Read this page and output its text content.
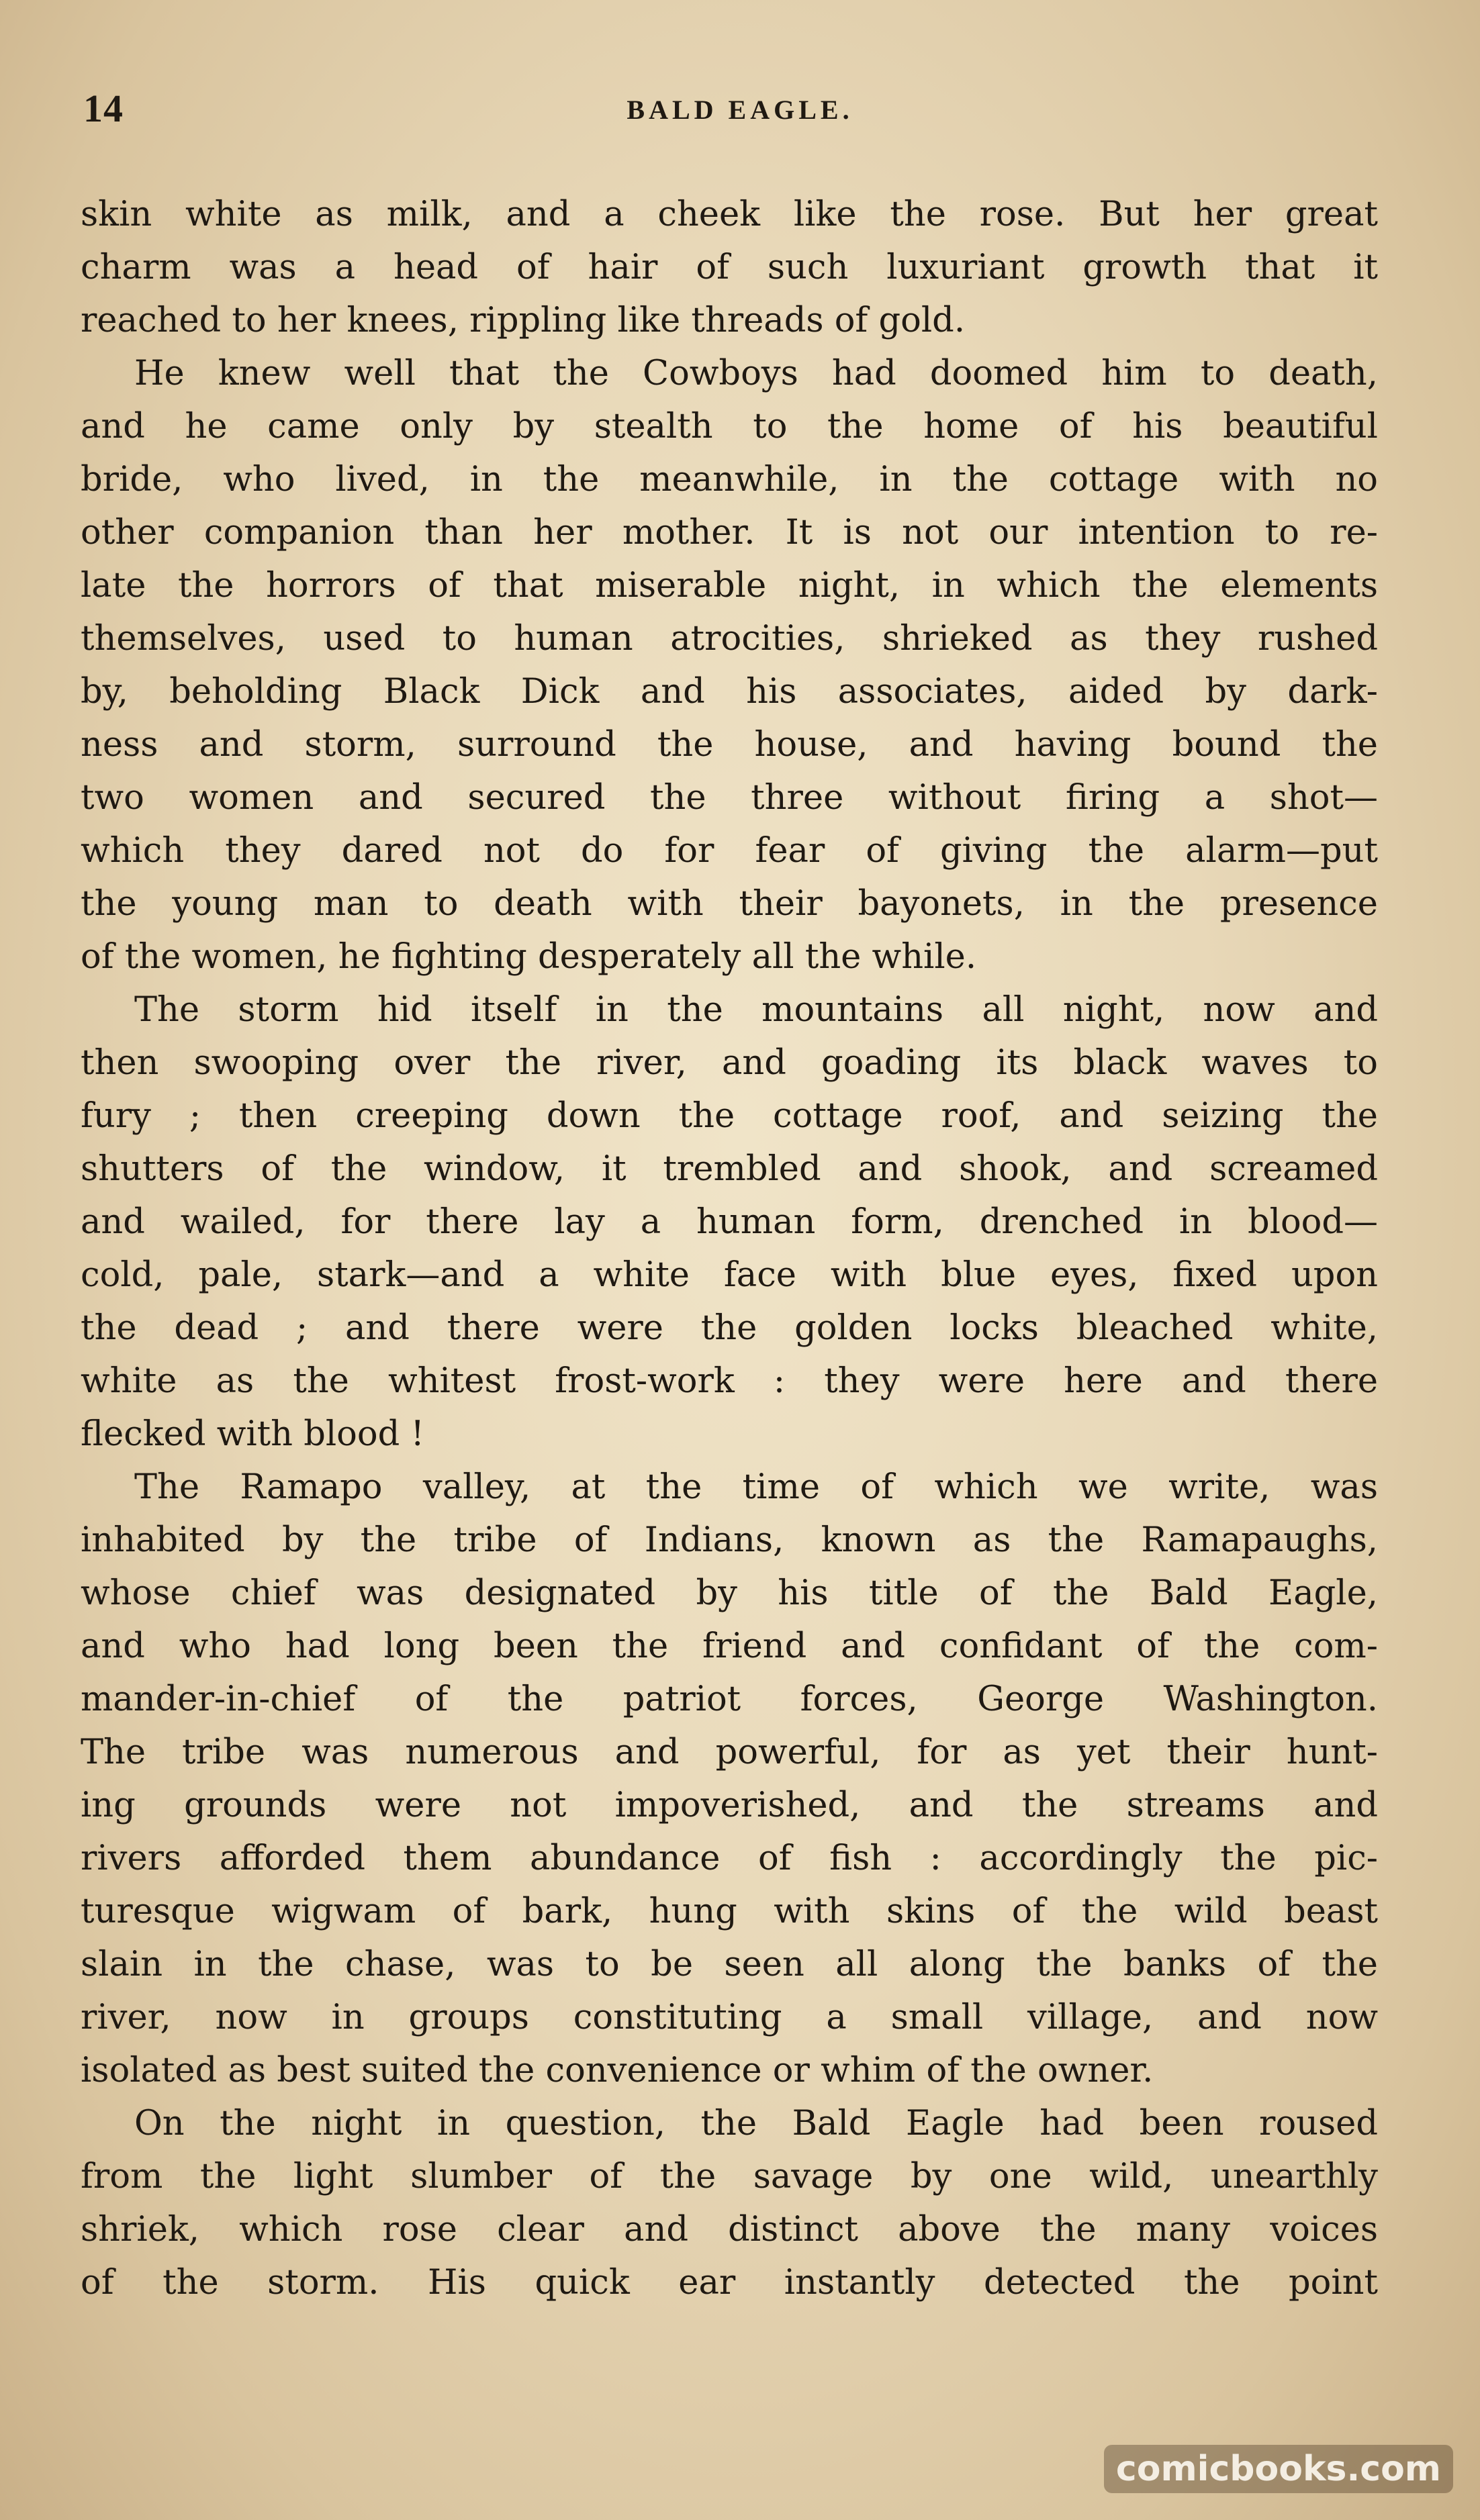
14	BALD EAGLE.

skin white as milk, and a cheek like the rose. But her great
charm was a head of hair of such luxuriant growth that it
reached to her knees, rippling like threads of gold.

He knew well that the Cowboys had doomed him to death,
and he came only by stealth to the home of his beautiful
bride, who lived, in the meanwhile, in the cottage with no
other companion than her mother. It is not our intention to re-
late the horrors of that miserable night, in which the elements
themselves, used to human atrocities, shrieked as they rushed
by, beholding Black Dick and his associates, aided by dark-
ness and storm, surround the house, and having bound the
two women and secured the three without firing a shot—
which they dared not do for fear of giving the alarm—put
the young man to death with their bayonets, in the presence
of the women, he fighting desperately all the while.

The storm hid itself in the mountains all night, now and
then swooping over the river, and goading its black waves to
fury ; then creeping down the cottage roof, and seizing the
shutters of the window, it trembled and shook, and screamed
and wailed, for there lay a human form, drenched in blood—
cold, pale, stark—and a white face with blue eyes, fixed upon
the dead ; and there were the golden locks bleached white,
white as the whitest frost-work : they were here and there
flecked with blood !

The Ramapo valley, at the time of which we write, was
inhabited by the tribe of Indians, known as the Ramapaughs,
whose chief was designated by his title of the Bald Eagle,
and who had long been the friend and confidant of the com-
mander-in-chief of the patriot forces, George Washington.
The tribe was numerous and powerful, for as yet their hunt-
ing grounds were not impoverished, and the streams and
rivers afforded them abundance of fish : accordingly the pic-
turesque wigwam of bark, hung with skins of the wild beast
slain in the chase, was to be seen all along the banks of the
river, now in groups constituting a small village, and now
isolated as best suited the convenience or whim of the owner.

On the night in question, the Bald Eagle had been roused
from the light slumber of the savage by one wild, unearthly
shriek, which rose clear and distinct above the many voices
of the storm. His quick ear instantly detected the point

comicbooks.com
